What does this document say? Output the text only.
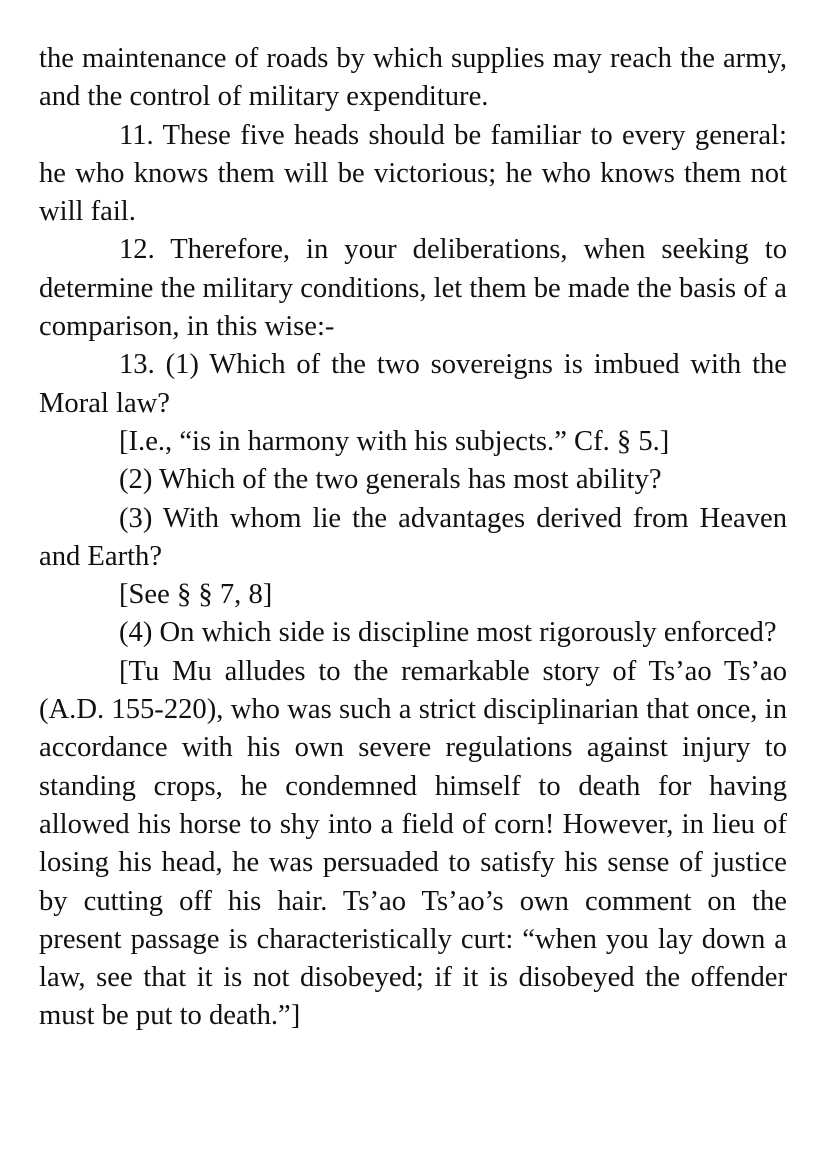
the maintenance of roads by which supplies may reach the army, and the control of military expenditure.

11. These five heads should be familiar to every general: he who knows them will be victorious; he who knows them not will fail.

12. Therefore, in your deliberations, when seeking to determine the military conditions, let them be made the basis of a comparison, in this wise:-

13. (1) Which of the two sovereigns is imbued with the Moral law?

[I.e., “is in harmony with his subjects.” Cf. § 5.]

(2) Which of the two generals has most ability?

(3) With whom lie the advantages derived from Heaven and Earth?

[See § § 7, 8]

(4) On which side is discipline most rigorously enforced?

[Tu Mu alludes to the remarkable story of Ts’ao Ts’ao (A.D. 155-220), who was such a strict disciplinarian that once, in accordance with his own severe regulations against injury to standing crops, he condemned himself to death for having allowed his horse to shy into a field of corn! However, in lieu of losing his head, he was persuaded to satisfy his sense of justice by cutting off his hair. Ts’ao Ts’ao’s own comment on the present passage is characteristically curt: “when you lay down a law, see that it is not disobeyed; if it is disobeyed the offender must be put to death.”]
